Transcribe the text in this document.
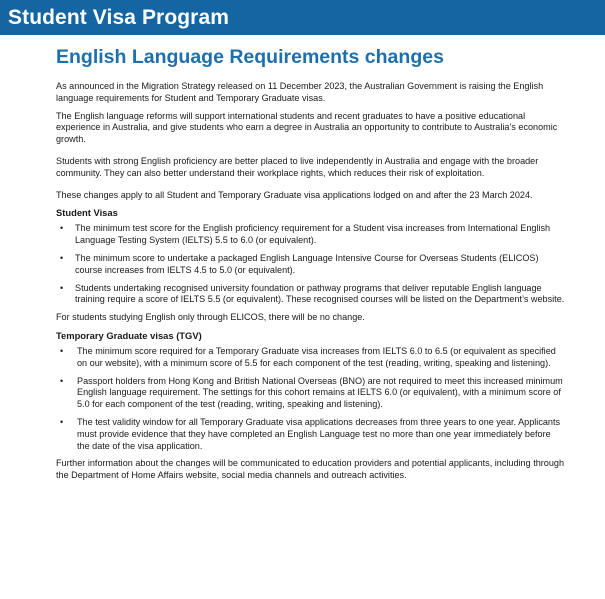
Student Visa Program
English Language Requirements changes

As announced in the Migration Strategy released on 11 December 2023, the Australian Government is raising the English language requirements for Student and Temporary Graduate visas.

The English language reforms will support international students and recent graduates to have a positive educational experience in Australia, and give students who earn a degree in Australia an opportunity to contribute to Australia’s economic growth.

Students with strong English proficiency are better placed to live independently in Australia and engage with the broader community. They can also better understand their workplace rights, which reduces their risk of exploitation.

These changes apply to all Student and Temporary Graduate visa applications lodged on and after the 23 March 2024.

Student Visas
• The minimum test score for the English proficiency requirement for a Student visa increases from International English Language Testing System (IELTS) 5.5 to 6.0 (or equivalent).
• The minimum score to undertake a packaged English Language Intensive Course for Overseas Students (ELICOS) course increases from IELTS 4.5 to 5.0 (or equivalent).
• Students undertaking recognised university foundation or pathway programs that deliver reputable English language training require a score of IELTS 5.5 (or equivalent). These recognised courses will be listed on the Department’s website.

For students studying English only through ELICOS, there will be no change.

Temporary Graduate visas (TGV)
• The minimum score required for a Temporary Graduate visa increases from IELTS 6.0 to 6.5 (or equivalent as specified on our website), with a minimum score of 5.5 for each component of the test (reading, writing, speaking and listening).
• Passport holders from Hong Kong and British National Overseas (BNO) are not required to meet this increased minimum English language requirement. The settings for this cohort remains at IELTS 6.0 (or equivalent), with a minimum score of 5.0 for each component of the test (reading, writing, speaking and listening).
• The test validity window for all Temporary Graduate visa applications decreases from three years to one year. Applicants must provide evidence that they have completed an English Language test no more than one year immediately before the date of the visa application.

Further information about the changes will be communicated to education providers and potential applicants, including through the Department of Home Affairs website, social media channels and outreach activities.
